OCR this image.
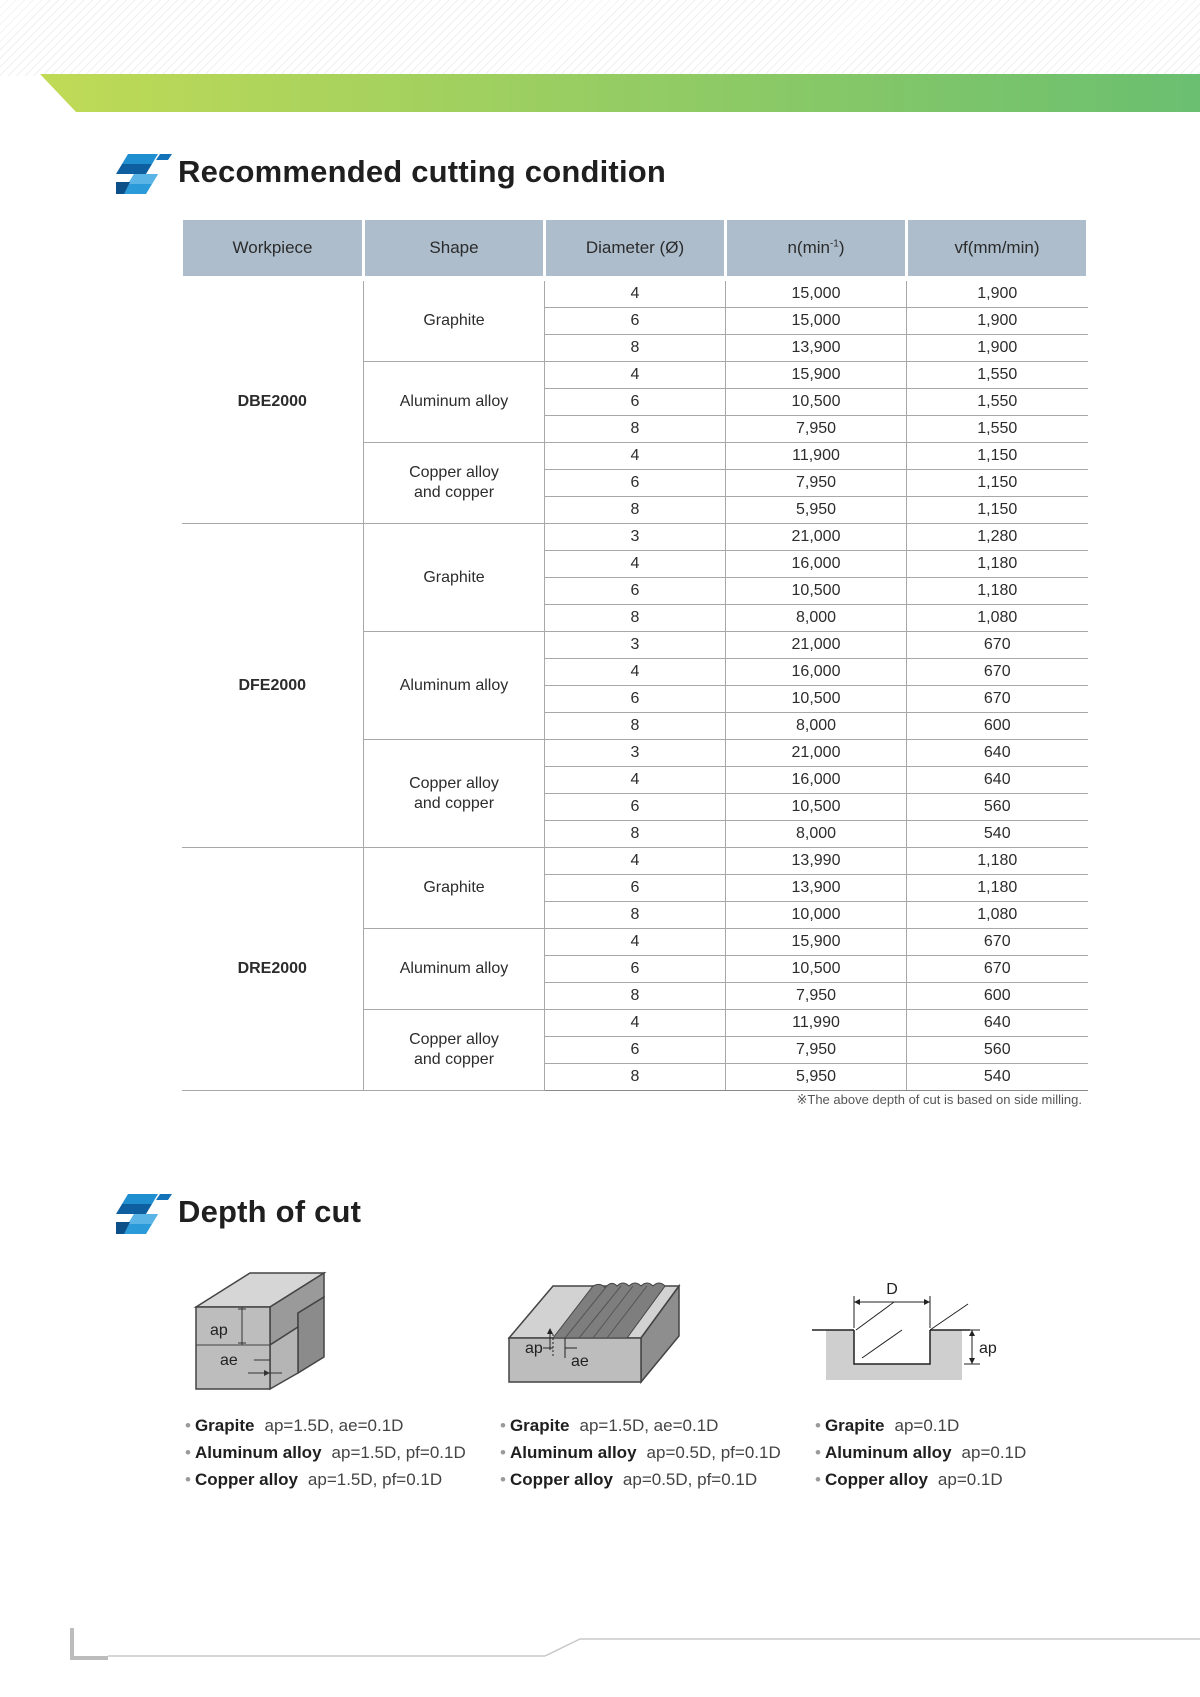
Recommended cutting condition
Workpiece	Shape	Diameter (Ø)	$n(\min^{-1})$	vf(mm/min)
DBE2000	Graphite	4	15,000	1,900
		6	15,000	1,900
		8	13,900	1,900
	Aluminum alloy	4	15,900	1,550
		6	10,500	1,550
		8	7,950	1,550
	Copper alloy
and copper	4	11,900	1,150
		6	7,950	1,150
		8	5,950	1,150
DFE2000	Graphite	3	21,000	1,280
		4	16,000	1,180
		6	10,500	1,180
		8	8,000	1,080
	Aluminum alloy	3	21,000	670
		4	16,000	670
		6	10,500	670
		8	8,000	600
	Copper alloy
and copper	3	21,000	640
		4	16,000	640
		6	10,500	560
		8	8,000	540
DRE2000	Graphite	4	13,990	1,180
		6	13,900	1,180
		8	10,000	1,080
	Aluminum alloy	4	15,900	670
		6	10,500	670
		8	7,950	600
	Copper alloy
and copper	4	11,990	640
		6	7,950	560
		8	5,950	540
※The above depth of cut is based on side milling.
Depth of cut
ap
ae
ap
ae
D
ap
• Grapite ap=1.5D, ae=0.1D
• Aluminum alloy ap=1.5D, pf=0.1D
• Copper alloy ap=1.5D, pf=0.1D
• Grapite ap=1.5D, ae=0.1D
• Aluminum alloy ap=0.5D, pf=0.1D
• Copper alloy ap=0.5D, pf=0.1D
• Grapite ap=0.1D
• Aluminum alloy ap=0.1D
• Copper alloy ap=0.1D
